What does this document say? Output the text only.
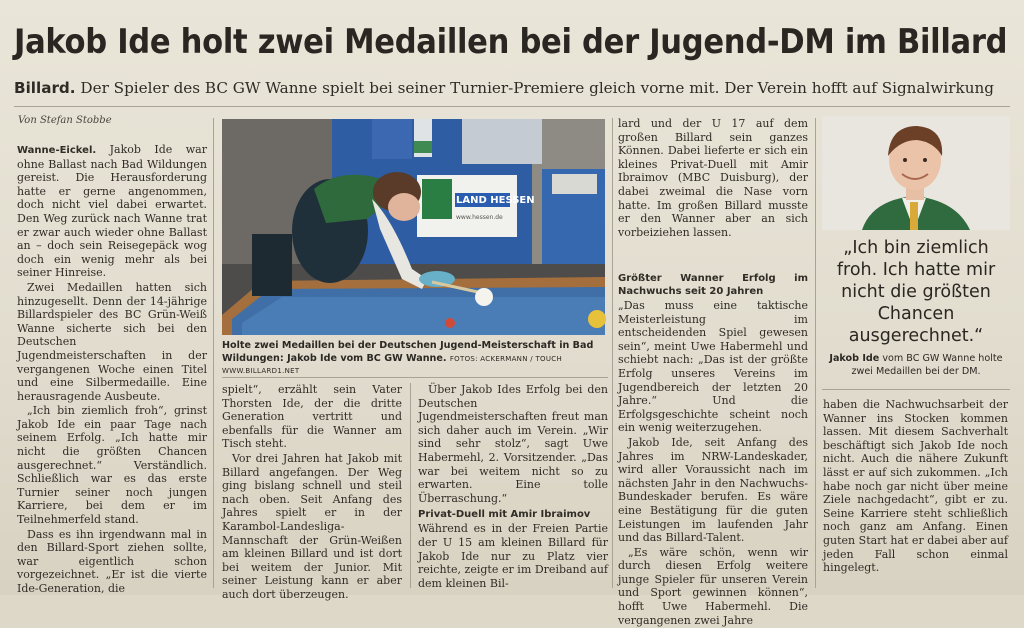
Jakob Ide holt zwei Medaillen bei der Jugend-DM im Billard
Billard. Der Spieler des BC GW Wanne spielt bei seiner Turnier-Premiere gleich vorne mit. Der Verein hofft auf Signalwirkung
Von Stefan Stobbe

Wanne-Eickel. Jakob Ide war ohne Ballast nach Bad Wildungen gereist. Die Herausforderung hatte er gerne angenommen, doch nicht viel dabei erwartet. Den Weg zurück nach Wanne trat er zwar auch wieder ohne Ballast an – doch sein Reisegepäck wog doch ein wenig mehr als bei seiner Hinreise.

Zwei Medaillen hatten sich hinzugesellt. Denn der 14-jährige Billardspieler des BC Grün-Weiß Wanne sicherte sich bei den Deutschen Jugendmeisterschaften in der vergangenen Woche einen Titel und eine Silbermedaille. Eine herausragende Ausbeute.

„Ich bin ziemlich froh“, grinst Jakob Ide ein paar Tage nach seinem Erfolg. „Ich hatte mir nicht die größten Chancen ausgerechnet.“ Verständlich. Schließlich war es das erste Turnier seiner noch jungen Karriere, bei dem er im Teilnehmerfeld stand.

Dass es ihn irgendwann mal in den Billard-Sport ziehen sollte, war eigentlich schon vorgezeichnet. „Er ist die vierte Ide-Generation, die

LAND HESSEN
www.hessen.de
Holte zwei Medaillen bei der Deutschen Jugend-Meisterschaft in Bad Wildungen: Jakob Ide vom BC GW Wanne. FOTOS: ACKERMANN / TOUCH WWW.BILLARD1.NET

spielt“, erzählt sein Vater Thorsten Ide, der die dritte Generation vertritt und ebenfalls für die Wanner am Tisch steht.

Vor drei Jahren hat Jakob mit Billard angefangen. Der Weg ging bislang schnell und steil nach oben. Seit Anfang des Jahres spielt er in der Karambol-Landesliga-Mannschaft der Grün-Weißen am kleinen Billard und ist dort bei weitem der Junior. Mit seiner Leistung kann er aber auch dort überzeugen.

Über Jakob Ides Erfolg bei den Deutschen Jugendmeisterschaften freut man sich daher auch im Verein. „Wir sind sehr stolz“, sagt Uwe Habermehl, 2. Vorsitzender. „Das war bei weitem nicht so zu erwarten. Eine tolle Überraschung.“

Privat-Duell mit Amir Ibraimov

Während es in der Freien Partie der U 15 am kleinen Billard für Jakob Ide nur zu Platz vier reichte, zeigte er im Dreiband auf dem kleinen Bil-

lard und der U 17 auf dem großen Billard sein ganzes Können. Dabei lieferte er sich ein kleines Privat-Duell mit Amir Ibraimov (MBC Duisburg), der dabei zweimal die Nase vorn hatte. Im großen Billard musste er den Wanner aber an sich vorbeiziehen lassen.

Größter Wanner Erfolg im Nachwuchs seit 20 Jahren

„Das muss eine taktische Meisterleistung im entscheidenden Spiel gewesen sein“, meint Uwe Habermehl und schiebt nach: „Das ist der größte Erfolg unseres Vereins im Jugendbereich der letzten 20 Jahre.“ Und die Erfolgsgeschichte scheint noch ein wenig weiterzugehen.

Jakob Ide, seit Anfang des Jahres im NRW-Landeskader, wird aller Voraussicht nach im nächsten Jahr in den Nachwuchs-Bundeskader berufen. Es wäre eine Bestätigung für die guten Leistungen im laufenden Jahr und das Billard-Talent.

„Es wäre schön, wenn wir durch diesen Erfolg weitere junge Spieler für unseren Verein und Sport gewinnen können“, hofft Uwe Habermehl. Die vergangenen zwei Jahre

„Ich bin ziemlich froh. Ich hatte mir nicht die größten Chancen ausgerechnet.“
Jakob Ide vom BC GW Wanne holte zwei Medaillen bei der DM.

haben die Nachwuchsarbeit der Wanner ins Stocken kommen lassen. Mit diesem Sachverhalt beschäftigt sich Jakob Ide noch nicht. Auch die nähere Zukunft lässt er auf sich zukommen. „Ich habe noch gar nicht über meine Ziele nachgedacht“, gibt er zu. Seine Karriere steht schließlich noch ganz am Anfang. Einen guten Start hat er dabei aber auf jeden Fall schon einmal hingelegt.
